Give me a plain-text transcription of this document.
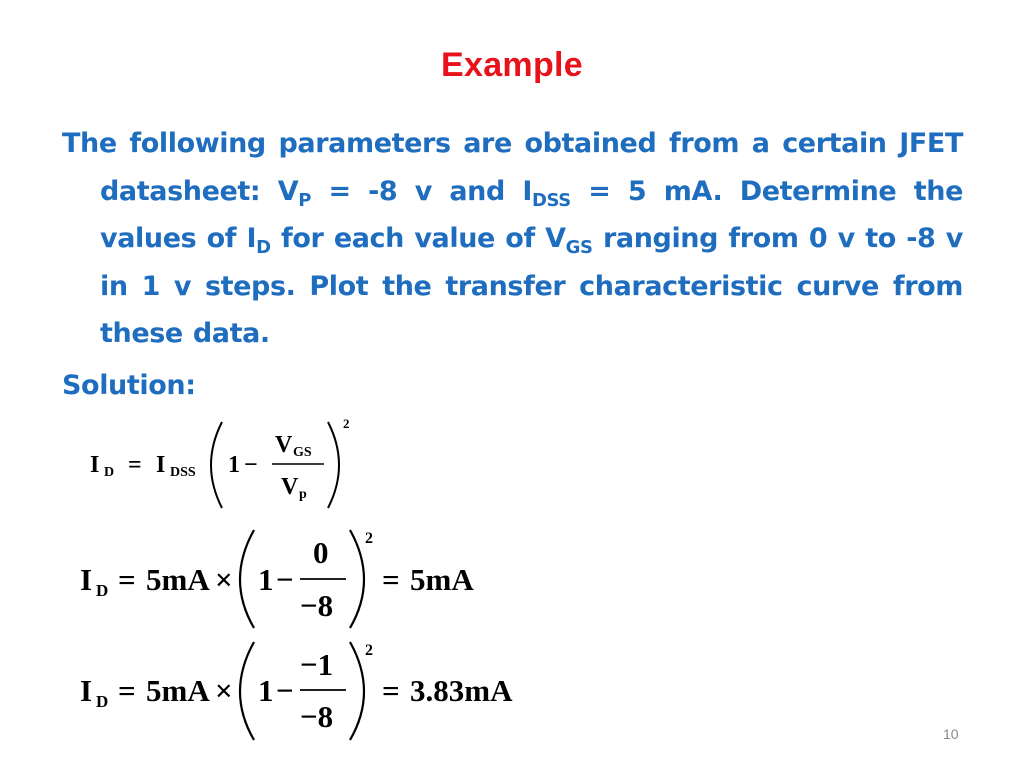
Example
The following parameters are obtained from a certain JFET datasheet: $V_P = -8$ v and $I_{DSS} = 5$ mA. Determine the values of $I_D$ for each value of $V_{GS}$ ranging from 0 v to -8 v in 1 v steps. Plot the transfer characteristic curve from these data.
Solution:
I D = I DSS 1 −
V GS
V p
2
I D = 5mA × 1 −
0
−8
2
= 5mA
I D = 5mA × 1 −
−1
−8
2
= 3.83mA
10
